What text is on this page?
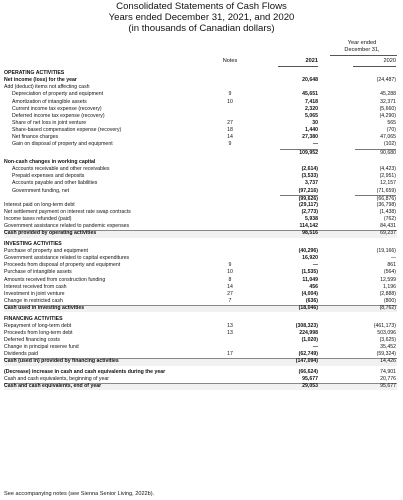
Consolidated Statements of Cash Flows
Years ended December 31, 2021, and 2020
(in thousands of Canadian dollars)
Year ended
December 31,
Notes	2021	2020
OPERATING ACTIVITIES
Net income (loss) for the year	20,648	(24,487)
Add (deduct) items not affecting cash
Depreciation of property and equipment	9	45,651	45,288
Amortization of intangible assets	10	7,418	32,371
Current income tax expense (recovery)	2,320	(5,660)
Deferred income tax expense (recovery)	5,065	(4,290)
Share of net loss in joint venture	27	30	565
Share-based compensation expense (recovery)	18	1,440	(70)
Net finance charges	14	27,380	47,065
Gain on disposal of property and equipment	9	—	(102)
109,952	90,680
Non-cash changes in working capital
Accounts receivable and other receivables	(2,614)	(4,423)
Prepaid expenses and deposits	(3,533)	(2,951)
Accounts payable and other liabilities	3,737	12,157
Government funding, net	(97,216)	(71,659)
(99,626)	(66,876)
Interest paid on long-term debt	(29,117)	(36,798)
Net settlement payment on interest rate swap contracts	(2,773)	(1,438)
Income taxes refunded (paid)	5,938	(762)
Government assistance related to pandemic expenses	114,142	84,431
Cash provided by operating activities	98,516	69,237
INVESTING ACTIVITIES
Purchase of property and equipment	(40,296)	(19,166)
Government assistance related to capital expenditures	16,920	—
Proceeds from disposal of property and equipment	9	—	861
Purchase of intangible assets	10	(1,535)	(564)
Amounts received from construction funding	8	11,049	12,599
Interest received from cash	14	456	1,196
Investment in joint venture	27	(4,004)	(2,888)
Change in restricted cash	7	(636)	(800)
Cash used in investing activities	(18,046)	(8,762)
FINANCING ACTIVITIES
Repayment of long-term debt	13	(308,323)	(461,173)
Proceeds from long-term debt	13	224,998	503,096
Deferred financing costs	(1,020)	(3,625)
Change in principal reserve fund	—	35,452
Dividends paid	17	(62,749)	(59,324)
Cash (used in) provided by financing activities	(147,094)	14,426
(Decrease) increase in cash and cash equivalents during the year	(66,624)	74,901
Cash and cash equivalents, beginning of year	95,677	20,776
Cash and cash equivalents, end of year	29,053	95,677
See accompanying notes (see Sienna Senior Living, 2022b).
